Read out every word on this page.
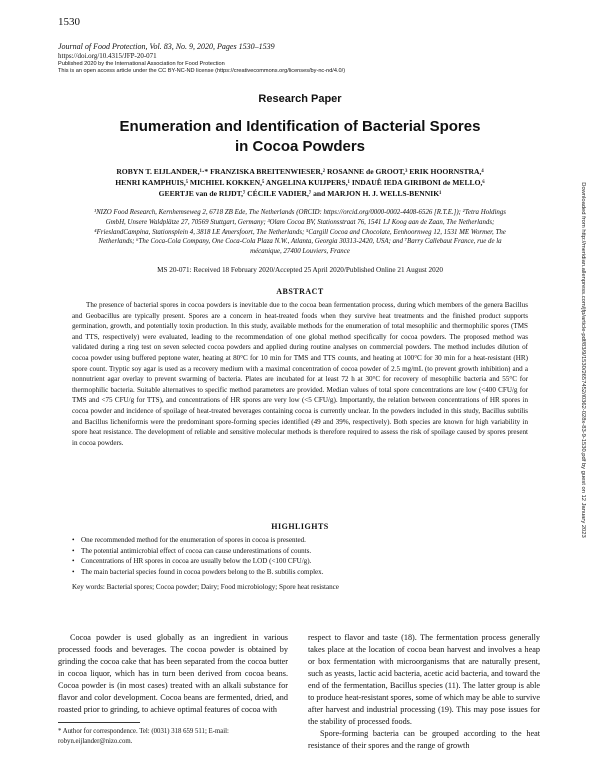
1530
Journal of Food Protection, Vol. 83, No. 9, 2020, Pages 1530–1539
https://doi.org/10.4315/JFP-20-071
Published 2020 by the International Association for Food Protection
This is an open access article under the CC BY-NC-ND license (https://creativecommons.org/licenses/by-nc-nd/4.0/)
Research Paper
Enumeration and Identification of Bacterial Spores
in Cocoa Powders
ROBYN T. EIJLANDER,¹·* FRANZISKA BREITENWIESER,² ROSANNE de GROOT,³ ERIK HOORNSTRA,⁴
HENRI KAMPHUIS,⁵ MICHIEL KOKKEN,⁵ ANGELINA KUIJPERS,¹ INDAUÊ IEDA GIRIBONI de MELLO,⁶
GEERTJE van de RIJDT,⁷ CÉCILE VADIER,⁷ and MARJON H. J. WELLS-BENNIK¹
¹NIZO Food Research, Kernhemseweg 2, 6718 ZB Ede, The Netherlands (ORCID: https://orcid.org/0000-0002-4408-6526 [R.T.E.]); ²Tetra Holdings
GmbH, Unsere Waldplätze 27, 70569 Stuttgart, Germany; ³Olam Cocoa BV, Stationsstraat 76, 1541 LJ Koog aan de Zaan, The Netherlands;
⁴FrieslandCampina, Stationsplein 4, 3818 LE Amersfoort, The Netherlands; ⁵Cargill Cocoa and Chocolate, Eenhoornweg 12, 1531 ME Wormer, The
Netherlands; ⁶The Coca-Cola Company, One Coca-Cola Plaza N.W., Atlanta, Georgia 30313-2420, USA; and ⁷Barry Callebaut France, rue de la
mécanique, 27400 Louviers, France
MS 20-071: Received 18 February 2020/Accepted 25 April 2020/Published Online 21 August 2020
ABSTRACT

The presence of bacterial spores in cocoa powders is inevitable due to the cocoa bean fermentation process, during which members of the genera Bacillus and Geobacillus are typically present. Spores are a concern in heat-treated foods when they survive heat treatments and the finished product supports germination, growth, and potentially toxin production. In this study, available methods for the enumeration of total mesophilic and thermophilic spores (TMS and TTS, respectively) were evaluated, leading to the recommendation of one global method specifically for cocoa powders. The proposed method was validated during a ring test on seven selected cocoa powders and applied during routine analyses on commercial powders. The method includes dilution of cocoa powder using buffered peptone water, heating at 80°C for 10 min for TMS and TTS counts, and heating at 100°C for 30 min for a heat-resistant (HR) spore count. Tryptic soy agar is used as a recovery medium with a maximal concentration of cocoa powder of 2.5 mg/mL (to prevent growth inhibition) and a nonnutrient agar overlay to prevent swarming of bacteria. Plates are incubated for at least 72 h at 30°C for recovery of mesophilic bacteria and 55°C for thermophilic bacteria. Suitable alternatives to specific method parameters are provided. Median values of total spore concentrations are low (<400 CFU/g for TMS and <75 CFU/g for TTS), and concentrations of HR spores are very low (<5 CFU/g). Importantly, the relation between concentrations of HR spores in cocoa powder and incidence of spoilage of heat-treated beverages containing cocoa is currently unclear. In the powders included in this study, Bacillus subtilis and Bacillus licheniformis were the predominant spore-forming species identified (49 and 39%, respectively). Both species are known for high variability in spore heat resistance. The development of reliable and sensitive molecular methods is therefore required to assess the risk of spoilage caused by spores present in cocoa powders.

HIGHLIGHTS
• One recommended method for the enumeration of spores in cocoa is presented.
• The potential antimicrobial effect of cocoa can cause underestimations of counts.
• Concentrations of HR spores in cocoa are usually below the LOD (<100 CFU/g).
• The main bacterial species found in cocoa powders belong to the B. subtilis complex.
Key words: Bacterial spores; Cocoa powder; Dairy; Food microbiology; Spore heat resistance

Cocoa powder is used globally as an ingredient in various processed foods and beverages. The cocoa powder is obtained by grinding the cocoa cake that has been separated from the cocoa butter in cocoa liquor, which has in turn been derived from cocoa beans. Cocoa powder is (in most cases) treated with an alkali substance for flavor and color development. Cocoa beans are fermented, dried, and roasted prior to grinding, to achieve optimal features of cocoa with

respect to flavor and taste (18). The fermentation process generally takes place at the location of cocoa bean harvest and involves a heap or box fermentation with microorganisms that are naturally present, such as yeasts, lactic acid bacteria, acetic acid bacteria, and toward the end of the fermentation, Bacillus species (11). The latter group is able to produce heat-resistant spores, some of which may be able to survive after harvest and industrial processing (19). This may pose issues for the stability of processed foods.

Spore-forming bacteria can be grouped according to the heat resistance of their spores and the range of growth

* Author for correspondence. Tel: (0031) 318 659 511; E-mail:
robyn.eijlander@nizo.com.
Downloaded from http://meridian.allenpress.com/jfp/article-pdf/83/9/1530/2657452/i0362-028x-83-9-1530.pdf by guest on 12 January 2023
